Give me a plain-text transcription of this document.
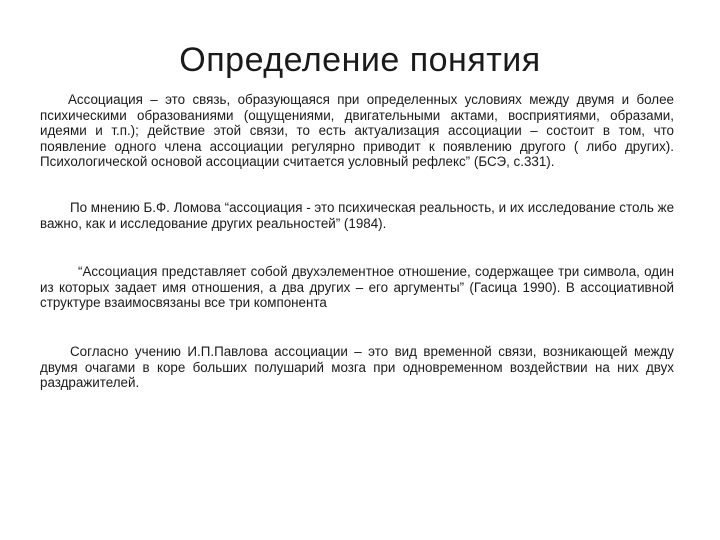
Определение понятия

Ассоциация – это связь, образующаяся при определенных условиях между двумя и более психическими образованиями (ощущениями, двигательными актами, восприятиями, образами, идеями и т.п.); действие этой связи, то есть актуализация ассоциации – состоит в том, что появление одного члена ассоциации регулярно приводит к появлению другого ( либо других). Психологической основой ассоциации считается условный рефлекс” (БСЭ, с.331).

По мнению Б.Ф. Ломова “ассоциация - это психическая реальность, и их исследование столь же важно, как и исследование других реальностей” (1984).

“Ассоциация представляет собой двухэлементное отношение, содержащее три символа, один из которых задает имя отношения, а два других – его аргументы” (Гасица 1990). В ассоциативной структуре взаимосвязаны все три компонента

Согласно учению И.П.Павлова ассоциации – это вид временной связи, возникающей между двумя очагами в коре больших полушарий мозга при одновременном воздействии на них двух раздражителей.
